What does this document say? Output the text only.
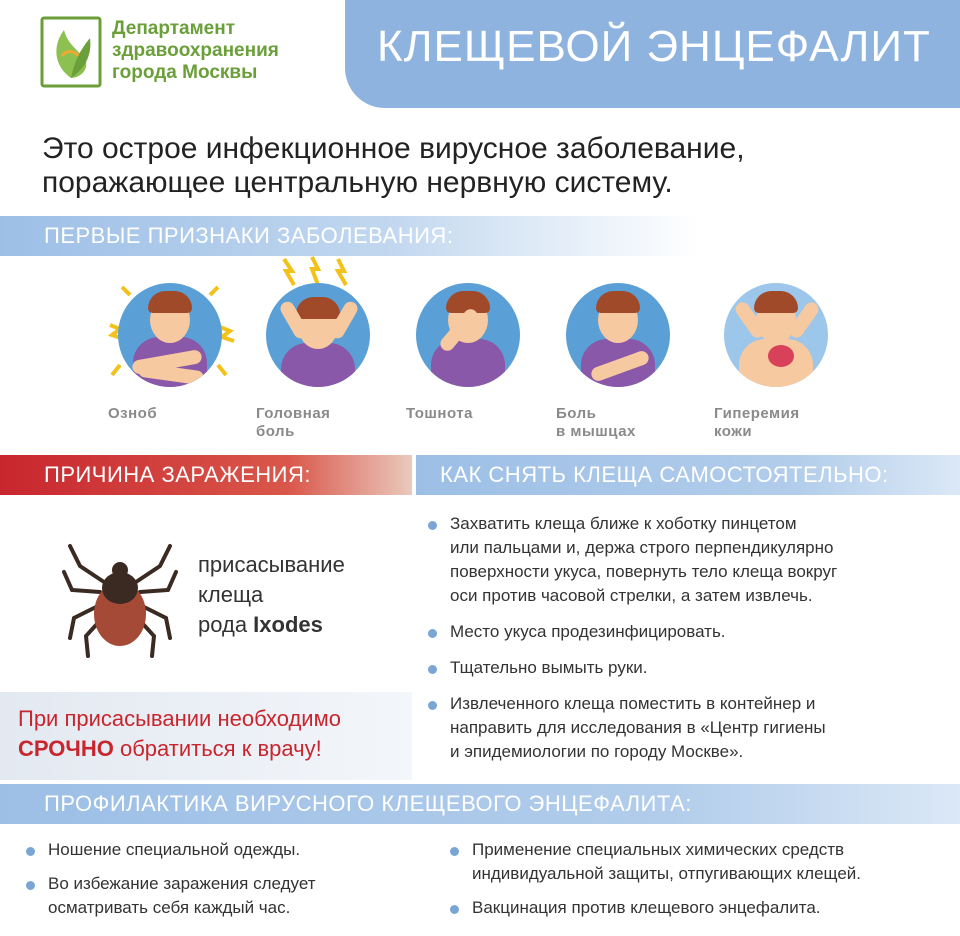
Департамент
здравоохранения
города Москвы
КЛЕЩЕВОЙ ЭНЦЕФАЛИТ
Это острое инфекционное вирусное заболевание,
поражающее центральную нервную систему.
ПЕРВЫЕ ПРИЗНАКИ ЗАБОЛЕВАНИЯ:
Озноб	Головная
боль
Тошнота	Боль
в мышцах
Гиперемия
кожи
ПРИЧИНА ЗАРАЖЕНИЯ:	КАК СНЯТЬ КЛЕЩА САМОСТОЯТЕЛЬНО:
присасывание
клеща
рода Ixodes
При присасывании необходимо
СРОЧНО обратиться к врачу!
Захватить клеща ближе к хоботку пинцетом
или пальцами и, держа строго перпендикулярно
поверхности укуса, повернуть тело клеща вокруг
оси против часовой стрелки, а затем извлечь.
Место укуса продезинфицировать.
Тщательно вымыть руки.
Извлеченного клеща поместить в контейнер и
направить для исследования в «Центр гигиены
и эпидемиологии по городу Москве».
ПРОФИЛАКТИКА ВИРУСНОГО КЛЕЩЕВОГО ЭНЦЕФАЛИТА:
Ношение специальной одежды.
Во избежание заражения следует
осматривать себя каждый час.
Применение специальных химических средств
индивидуальной защиты, отпугивающих клещей.
Вакцинация против клещевого энцефалита.
